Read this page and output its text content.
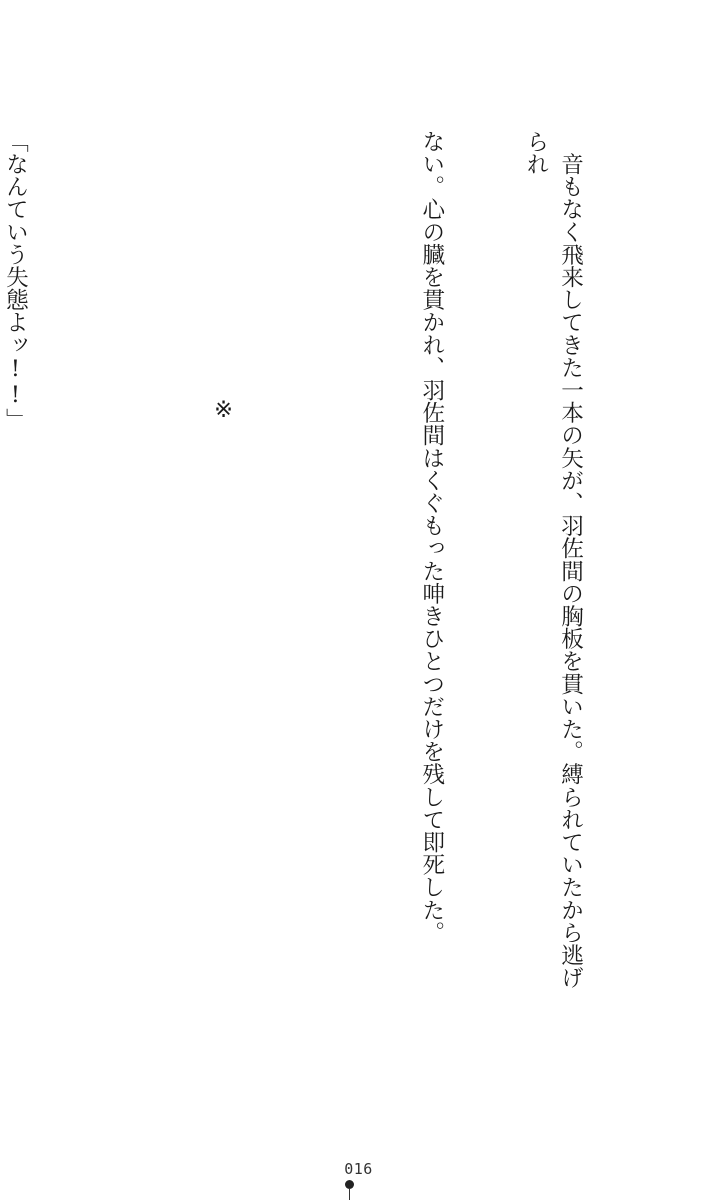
　音もなく飛来してきた一本の矢が、羽佐間の胸板を貫いた。縛られていたから逃げられ

ない。心の臓を貫かれ、羽佐間はくぐもった呻きひとつだけを残して即死した。

※

「なんていう失態よッ!!」

016
